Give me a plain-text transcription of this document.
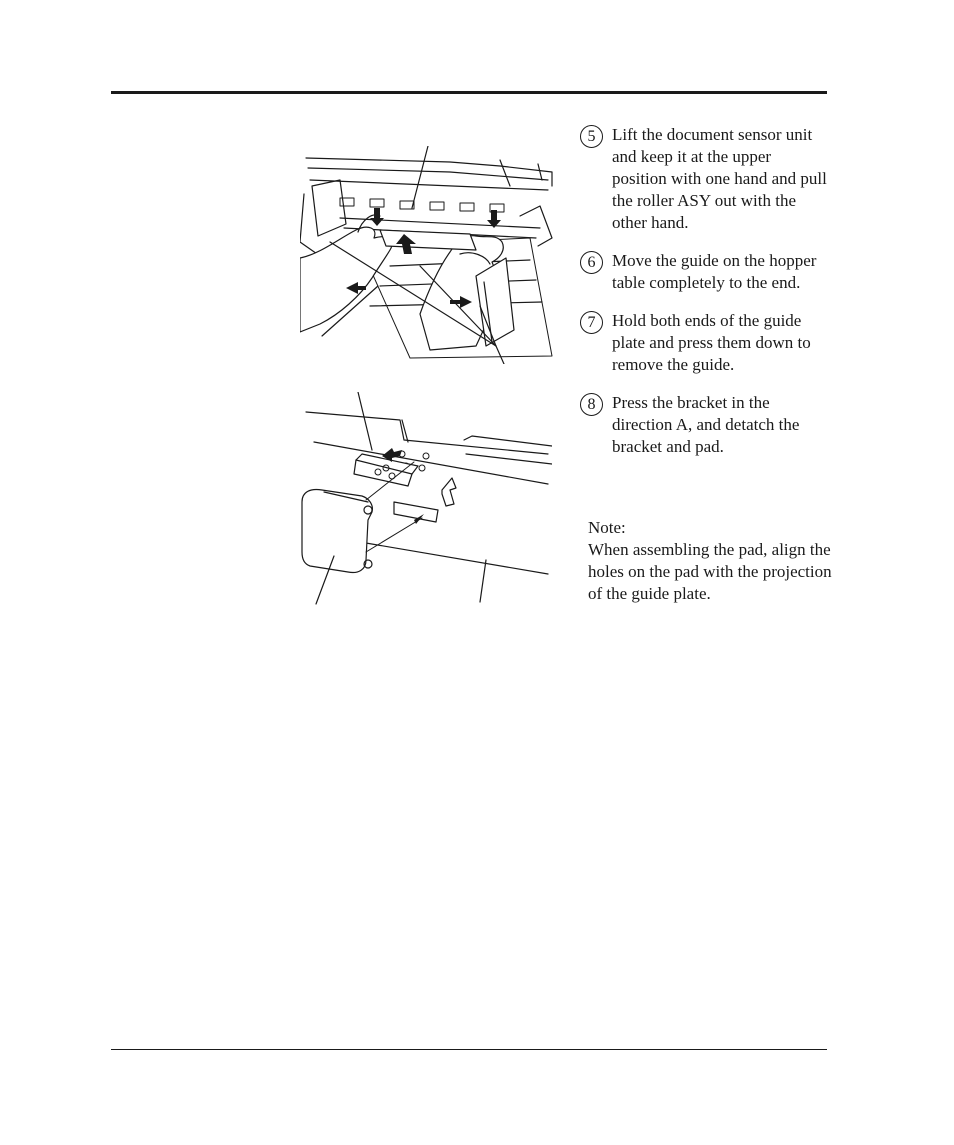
5 Lift the document sensor unit and keep it at the upper position with one hand and pull the roller ASY out with the other hand.
6 Move the guide on the hopper table completely to the end.
7 Hold both ends of the guide plate and press them down to remove the guide.
8 Press the bracket in the direction A, and detatch the bracket and pad.
Note:
When assembling the pad, align the holes on the pad with the projection of the guide plate.
